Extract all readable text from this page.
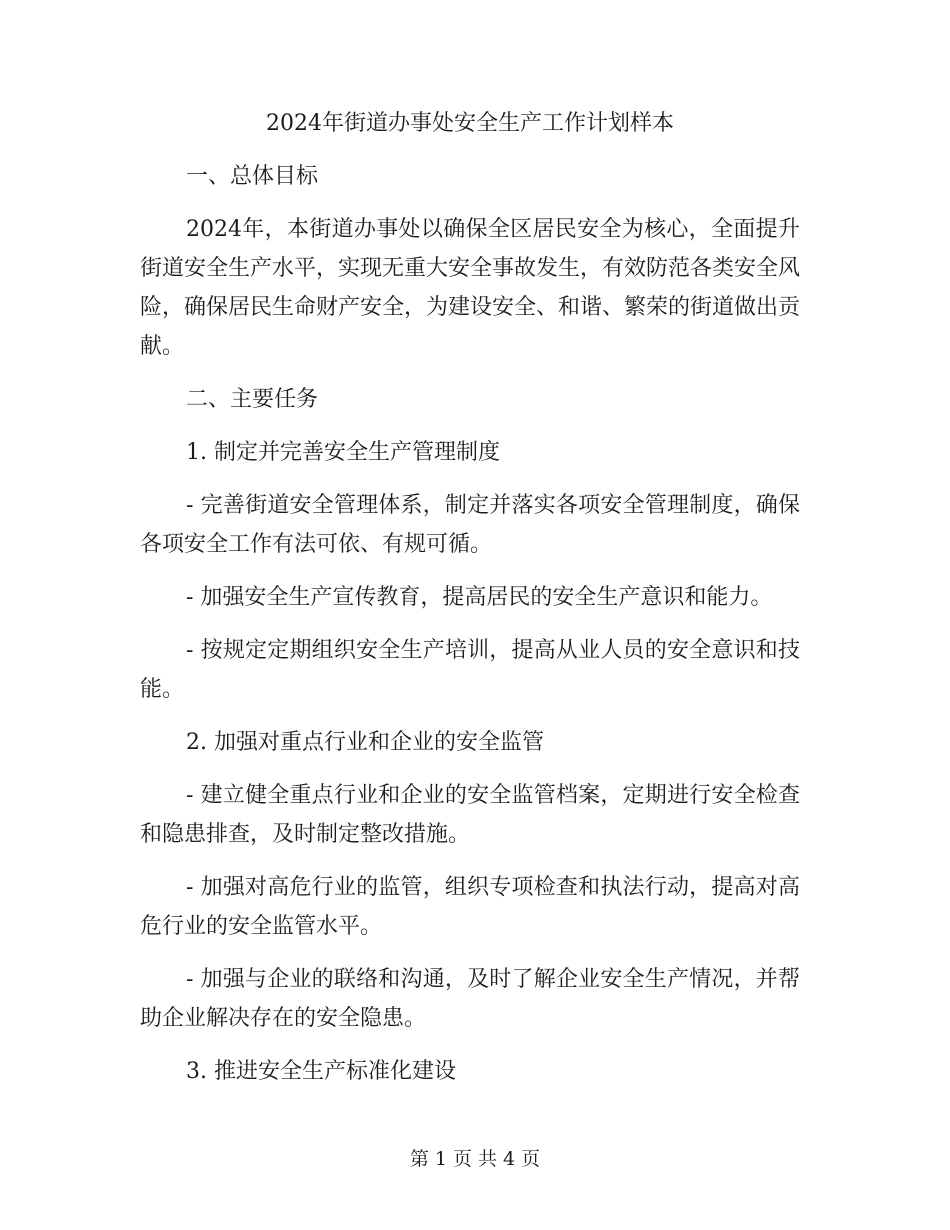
2024年街道办事处安全生产工作计划样本

一、总体目标

2024年，本街道办事处以确保全区居民安全为核心，全面提升街道安全生产水平，实现无重大安全事故发生，有效防范各类安全风险，确保居民生命财产安全，为建设安全、和谐、繁荣的街道做出贡献。

二、主要任务

1. 制定并完善安全生产管理制度

- 完善街道安全管理体系，制定并落实各项安全管理制度，确保各项安全工作有法可依、有规可循。

- 加强安全生产宣传教育，提高居民的安全生产意识和能力。

- 按规定定期组织安全生产培训，提高从业人员的安全意识和技能。

2. 加强对重点行业和企业的安全监管

- 建立健全重点行业和企业的安全监管档案，定期进行安全检查和隐患排查，及时制定整改措施。

- 加强对高危行业的监管，组织专项检查和执法行动，提高对高危行业的安全监管水平。

- 加强与企业的联络和沟通，及时了解企业安全生产情况，并帮助企业解决存在的安全隐患。

3. 推进安全生产标准化建设

第 1 页 共 4 页
